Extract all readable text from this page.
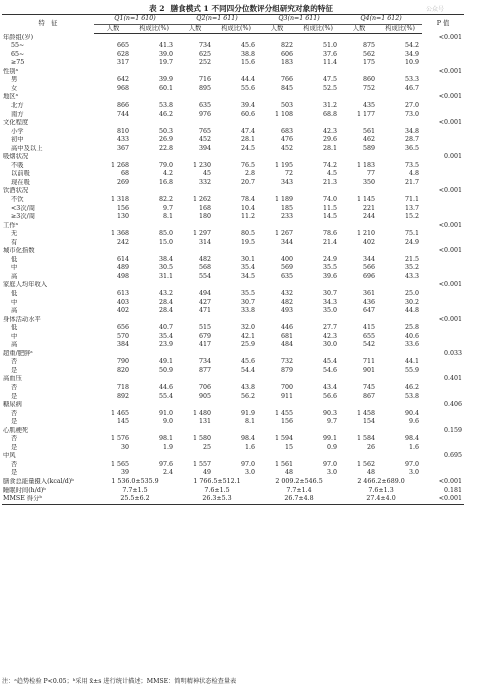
公众号
表 2 膳食模式 1 不同四分位数评分组研究对象的特征
特　征	Q1(n=1 610)		Q2(n=1 611)		Q3(n=1 611)		Q4(n=1 612)		P 值
	人数	构成比(%)	人数	构成比(%)	人数	构成比(%)	人数	构成比(%)	
年龄组(岁)									<0.001
55~	665	41.3	734	45.6	822	51.0	875	54.2	
65~	628	39.0	625	38.8	606	37.6	562	34.9	
≥75	317	19.7	252	15.6	183	11.4	175	10.9	
性别ᵃ									<0.001
男	642	39.9	716	44.4	766	47.5	860	53.3	
女	968	60.1	895	55.6	845	52.5	752	46.7	
地区ᵃ									<0.001
北方	866	53.8	635	39.4	503	31.2	435	27.0	
南方	744	46.2	976	60.6	1 108	68.8	1 177	73.0	
文化程度									<0.001
小学	810	50.3	765	47.4	683	42.3	561	34.8	
初中	433	26.9	452	28.1	476	29.6	462	28.7	
高中及以上	367	22.8	394	24.5	452	28.1	589	36.5	
吸烟状况									0.001
不吸	1 268	79.0	1 230	76.5	1 195	74.2	1 183	73.5	
以前吸	68	4.2	45	2.8	72	4.5	77	4.8	
现在吸	269	16.8	332	20.7	343	21.3	350	21.7	
饮酒状况									<0.001
不饮	1 318	82.2	1 262	78.4	1 189	74.0	1 145	71.1	
<3次/周	156	9.7	168	10.4	185	11.5	221	13.7	
≥3次/周	130	8.1	180	11.2	233	14.5	244	15.2	
工作ᵃ									<0.001
无	1 368	85.0	1 297	80.5	1 267	78.6	1 210	75.1	
有	242	15.0	314	19.5	344	21.4	402	24.9	
城市化指数									<0.001
低	614	38.4	482	30.1	400	24.9	344	21.5	
中	489	30.5	568	35.4	569	35.5	566	35.2	
高	498	31.1	554	34.5	635	39.6	696	43.3	
家庭人均年收入									<0.001
低	613	43.2	494	35.5	432	30.7	361	25.0	
中	403	28.4	427	30.7	482	34.3	436	30.2	
高	402	28.4	471	33.8	493	35.0	647	44.8	
身体活动水平									<0.001
低	656	40.7	515	32.0	446	27.7	415	25.8	
中	570	35.4	679	42.1	681	42.3	655	40.6	
高	384	23.9	417	25.9	484	30.0	542	33.6	
超重/肥胖ᵃ									0.033
否	790	49.1	734	45.6	732	45.4	711	44.1	
是	820	50.9	877	54.4	879	54.6	901	55.9	
高血压									0.401
否	718	44.6	706	43.8	700	43.4	745	46.2	
是	892	55.4	905	56.2	911	56.6	867	53.8	
糖尿病									0.406
否	1 465	91.0	1 480	91.9	1 455	90.3	1 458	90.4	
是	145	9.0	131	8.1	156	9.7	154	9.6	
心肌梗死									0.159
否	1 576	98.1	1 580	98.4	1 594	99.1	1 584	98.4	
是	30	1.9	25	1.6	15	0.9	26	1.6	
中风									0.695
否	1 565	97.6	1 557	97.0	1 561	97.0	1 562	97.0	
是	39	2.4	49	3.0	48	3.0	48	3.0	
膳食总能量摄入(kcal/d)ᵇ	1 536.0±535.9		1 766.5±512.1		2 009.2±546.5		2 466.2±689.0		<0.001
睡眠时间(h/d)ᵇ	7.7±1.5		7.6±1.5		7.7±1.4		7.6±1.3		0.181
MMSE 得分ᵇ	25.5±6.2		26.3±5.3		26.7±4.8		27.4±4.0		<0.001
注：ᵃ趋势检验 P<0.05；ᵇ采用 x̄±s 进行统计描述；MMSE：简明精神状态检查量表
